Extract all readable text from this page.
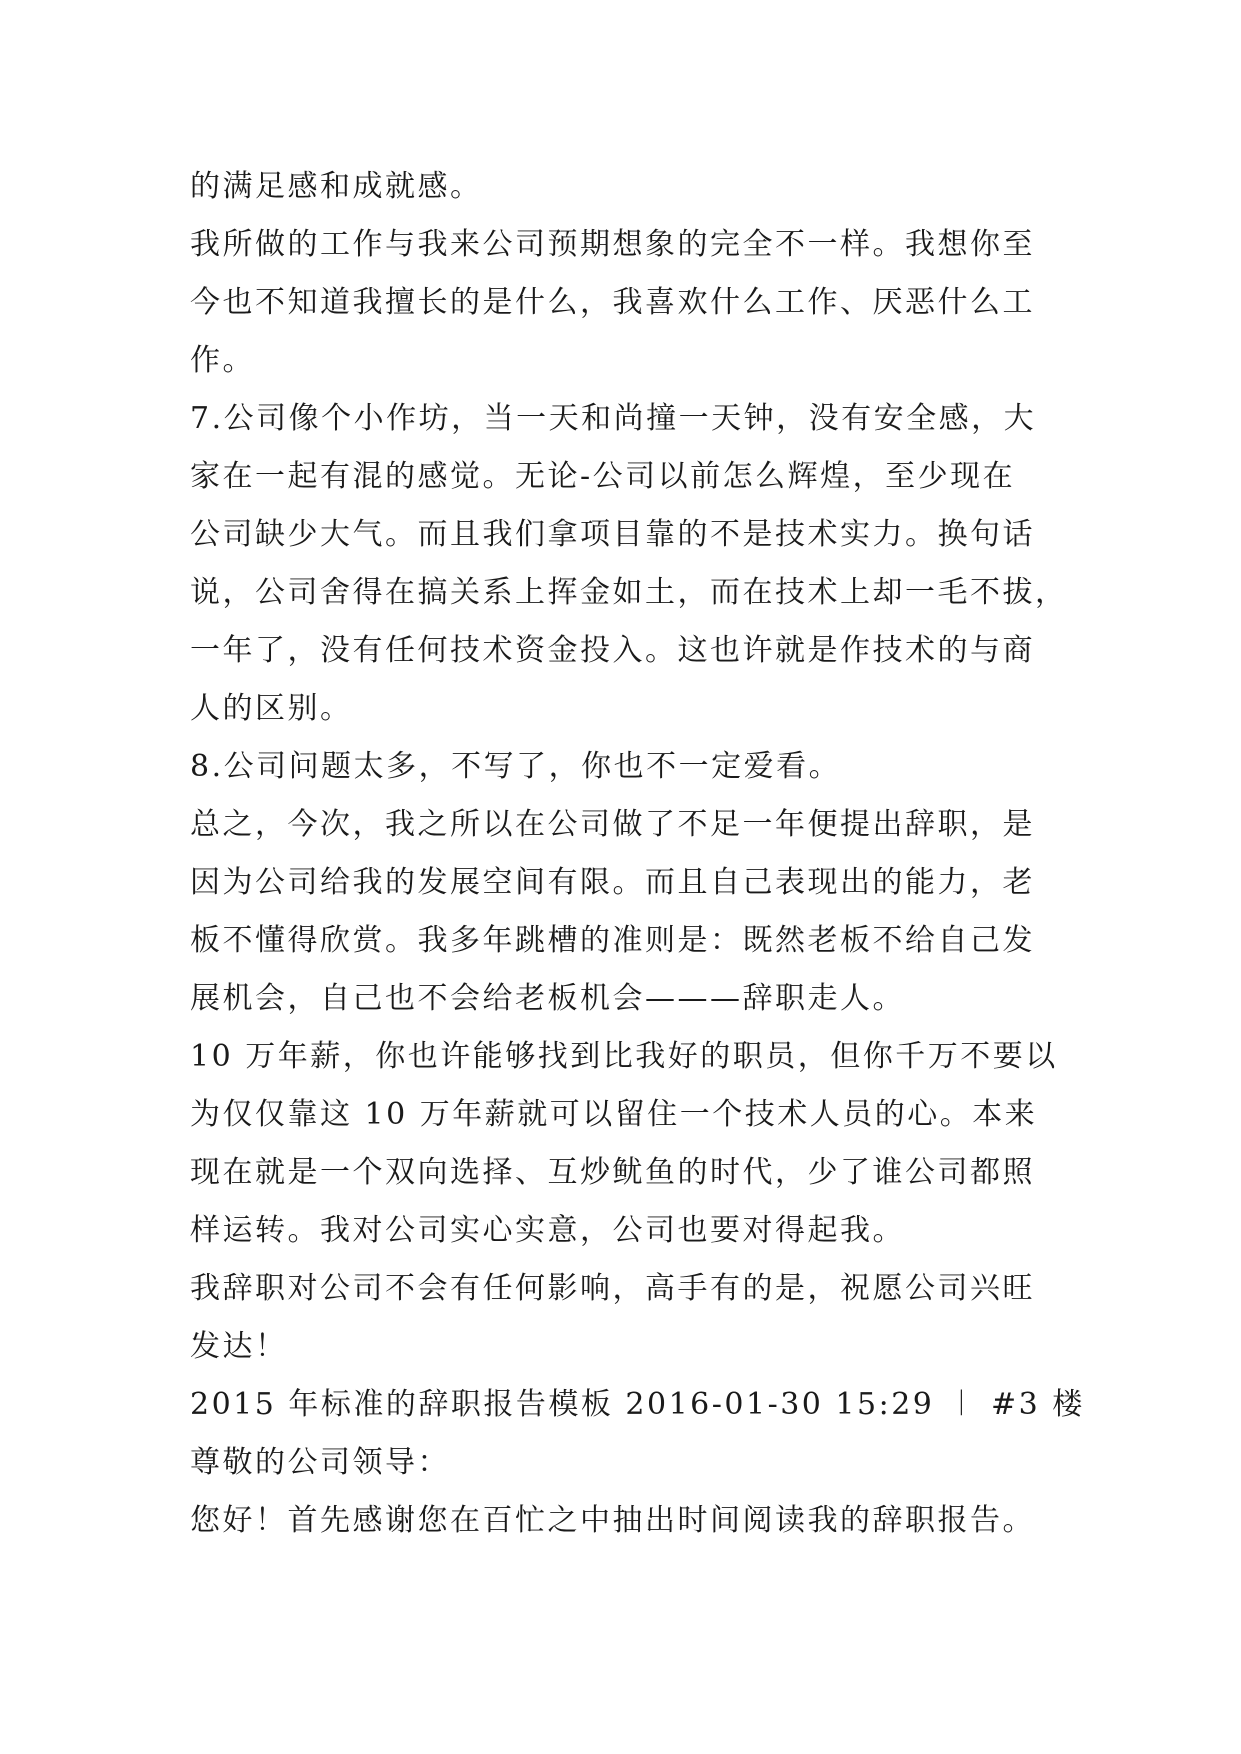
的满足感和成就感。
我所做的工作与我来公司预期想象的完全不一样。我想你至
今也不知道我擅长的是什么，我喜欢什么工作、厌恶什么工
作。
7.公司像个小作坊，当一天和尚撞一天钟，没有安全感，大
家在一起有混的感觉。无论-公司以前怎么辉煌，至少现在
公司缺少大气。而且我们拿项目靠的不是技术实力。换句话
说，公司舍得在搞关系上挥金如土，而在技术上却一毛不拔，
一年了，没有任何技术资金投入。这也许就是作技术的与商
人的区别。
8.公司问题太多，不写了，你也不一定爱看。
总之，今次，我之所以在公司做了不足一年便提出辞职，是
因为公司给我的发展空间有限。而且自己表现出的能力，老
板不懂得欣赏。我多年跳槽的准则是：既然老板不给自己发
展机会，自己也不会给老板机会———辞职走人。
10 万年薪，你也许能够找到比我好的职员，但你千万不要以
为仅仅靠这 10 万年薪就可以留住一个技术人员的心。本来
现在就是一个双向选择、互炒鱿鱼的时代，少了谁公司都照
样运转。我对公司实心实意，公司也要对得起我。
我辞职对公司不会有任何影响，高手有的是，祝愿公司兴旺
发达！
2015 年标准的辞职报告模板 2016-01-30 15:29 ︱ #3 楼
尊敬的公司领导：
您好！首先感谢您在百忙之中抽出时间阅读我的辞职报告。
